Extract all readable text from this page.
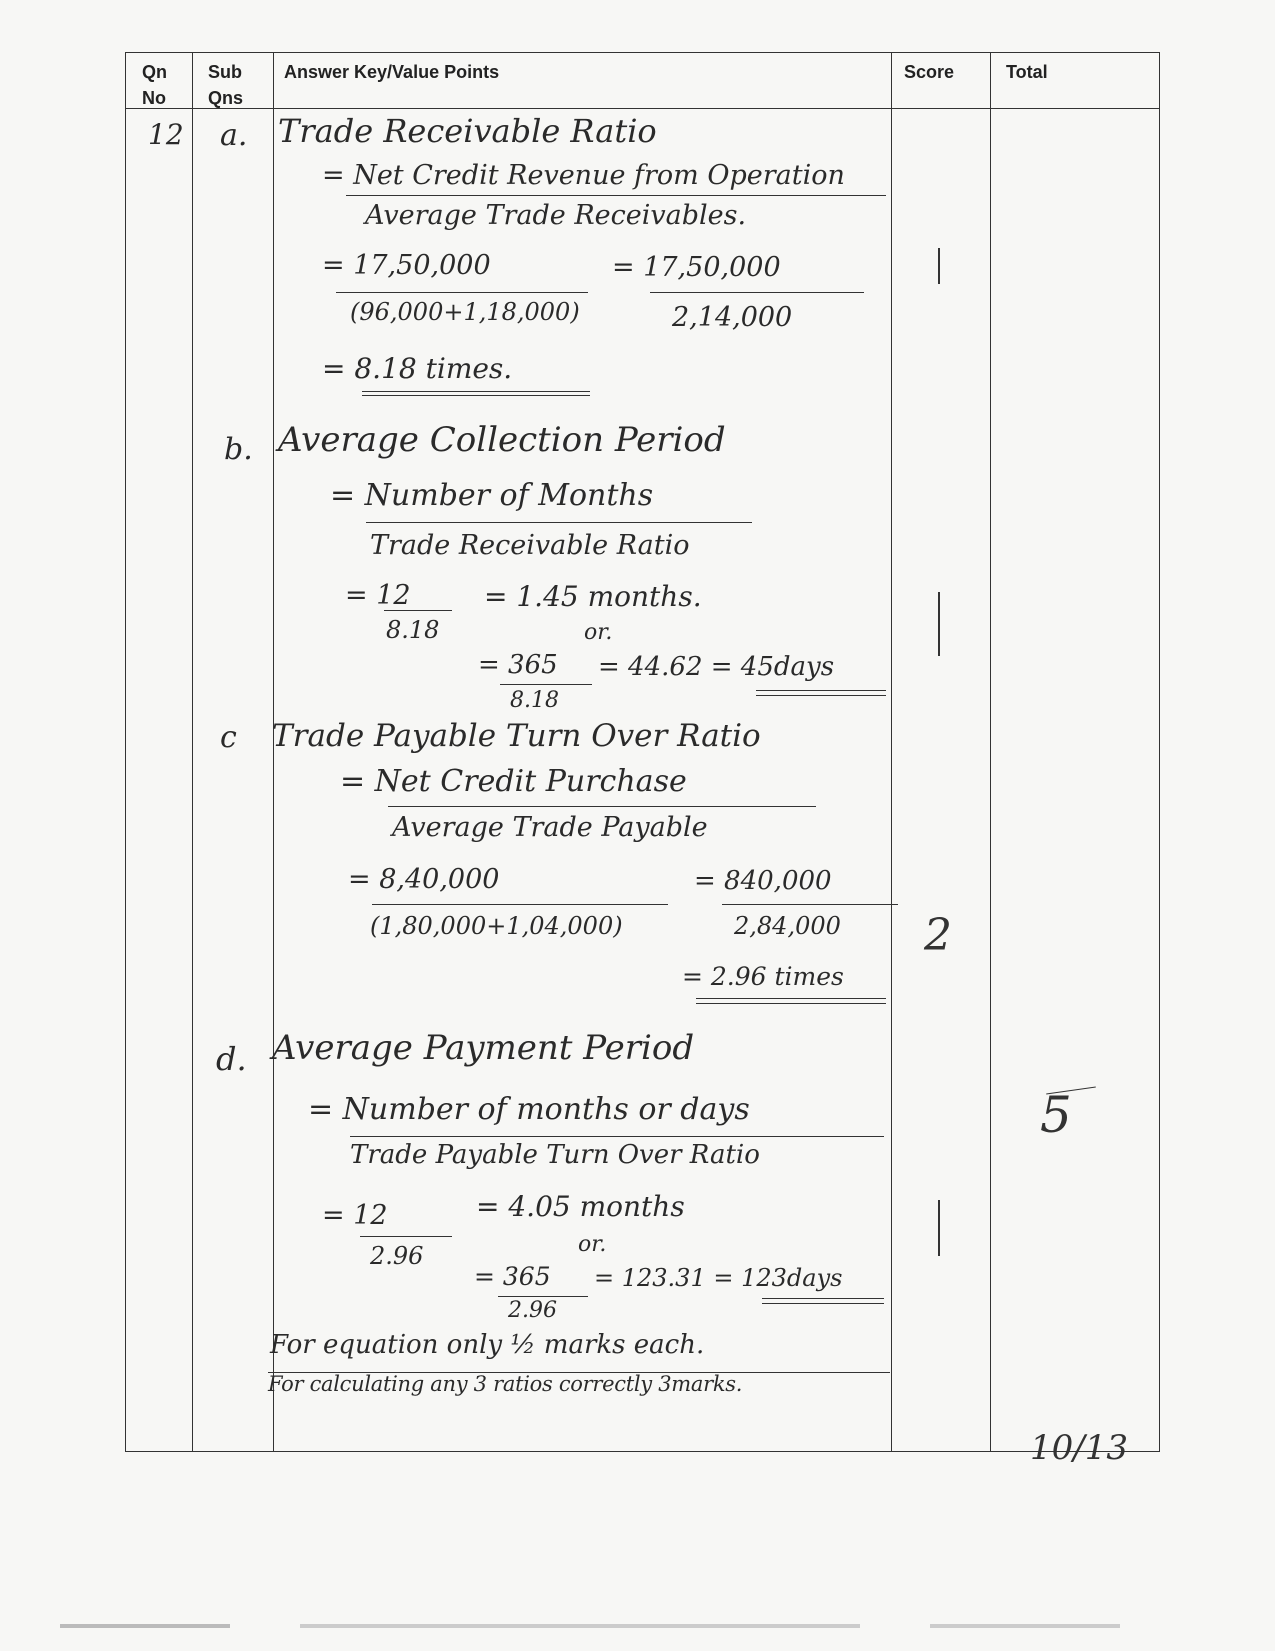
Qn No
Sub Qns
Answer Key/Value Points	Score	Total
12 a. Trade Receivable Ratio
= Net Credit Revenue from Operation
Average Trade Receivables.
= 17,50,000
(96,000+1,18,000)
= 17,50,000
2,14,000
= 8.18 times.
b. Average Collection Period
= Number of Months
Trade Receivable Ratio
= 12
8.18
= 1.45 months.
or.
= 365
8.18
= 44.62 = 45days
c Trade Payable Turn Over Ratio
= Net Credit Purchase
Average Trade Payable
= 8,40,000
(1,80,000+1,04,000)
= 840,000
2,84,000
= 2.96 times
2
d. Average Payment Period
= Number of months or days
Trade Payable Turn Over Ratio
= 12
2.96
= 4.05 months
or.
= 365
2.96
= 123.31 = 123days
For equation only ½ marks each.
For calculating any 3 ratios correctly 3marks.
5
10/13
